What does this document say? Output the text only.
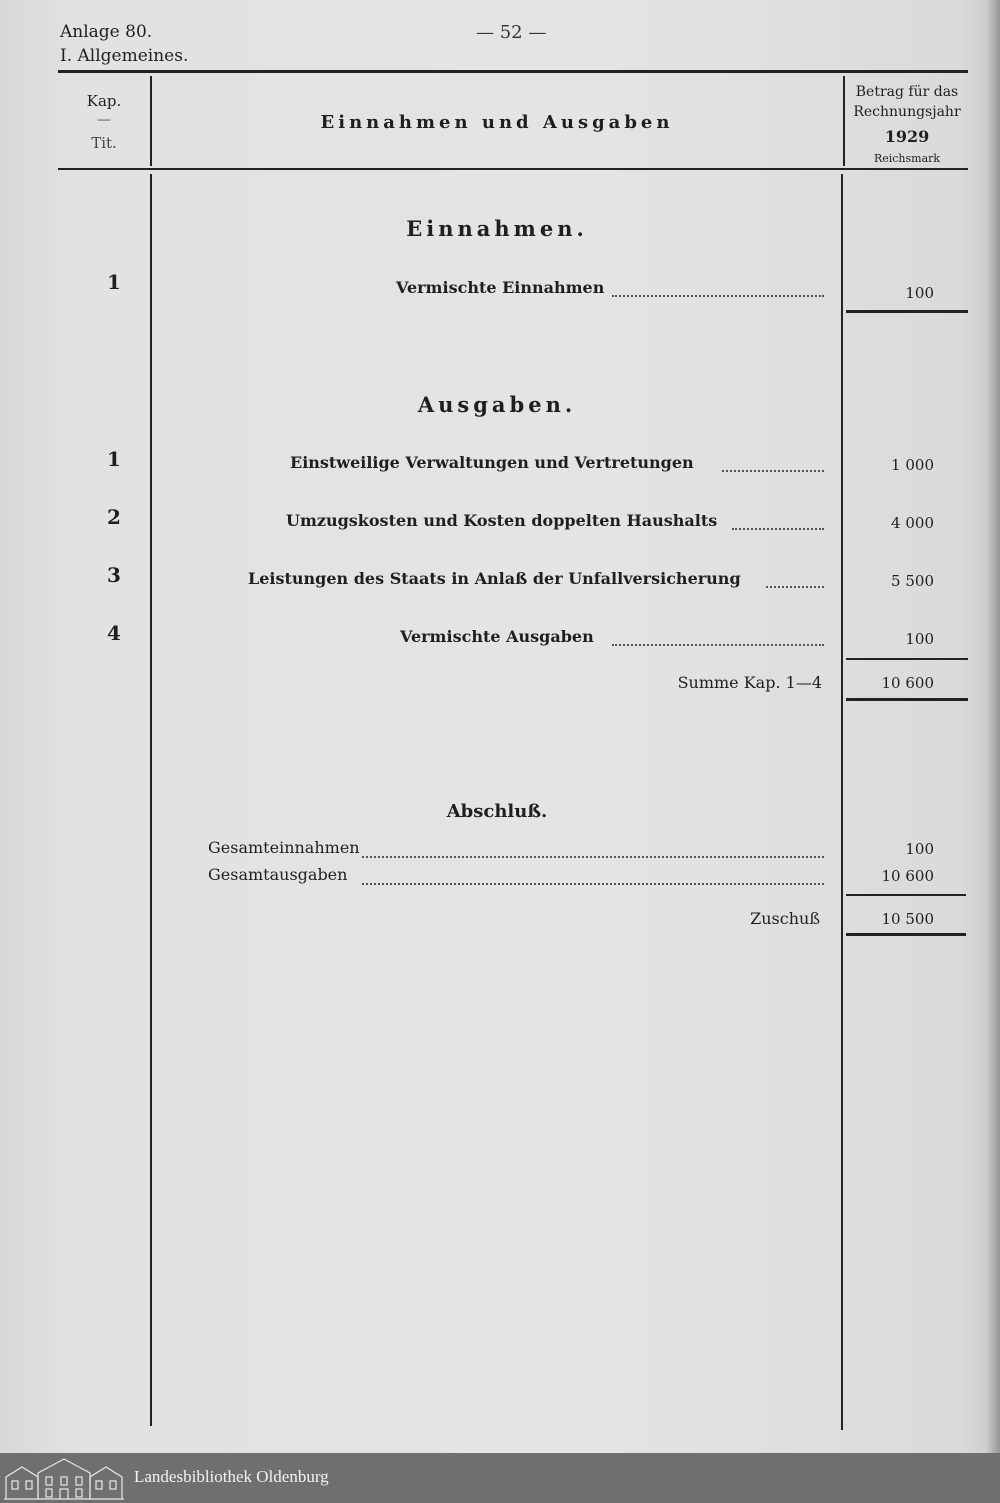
Anlage 80.
I. Allgemeines.
— 52 —
Kap.
—
Tit.
Einnahmen und Ausgaben
Betrag für das
Rechnungsjahr
1929
Reichsmark
Einnahmen.
1	Vermischte Einnahmen	100
Ausgaben.
1	Einstweilige Verwaltungen und Vertretungen	1 000
2	Umzugskosten und Kosten doppelten Haushalts	4 000
3	Leistungen des Staats in Anlaß der Unfallversicherung	5 500
4	Vermischte Ausgaben	100
Summe Kap. 1—4	10 600
Abschluß.
Gesamteinnahmen	100
Gesamtausgaben	10 600
Zuschuß	10 500
Landesbibliothek Oldenburg
